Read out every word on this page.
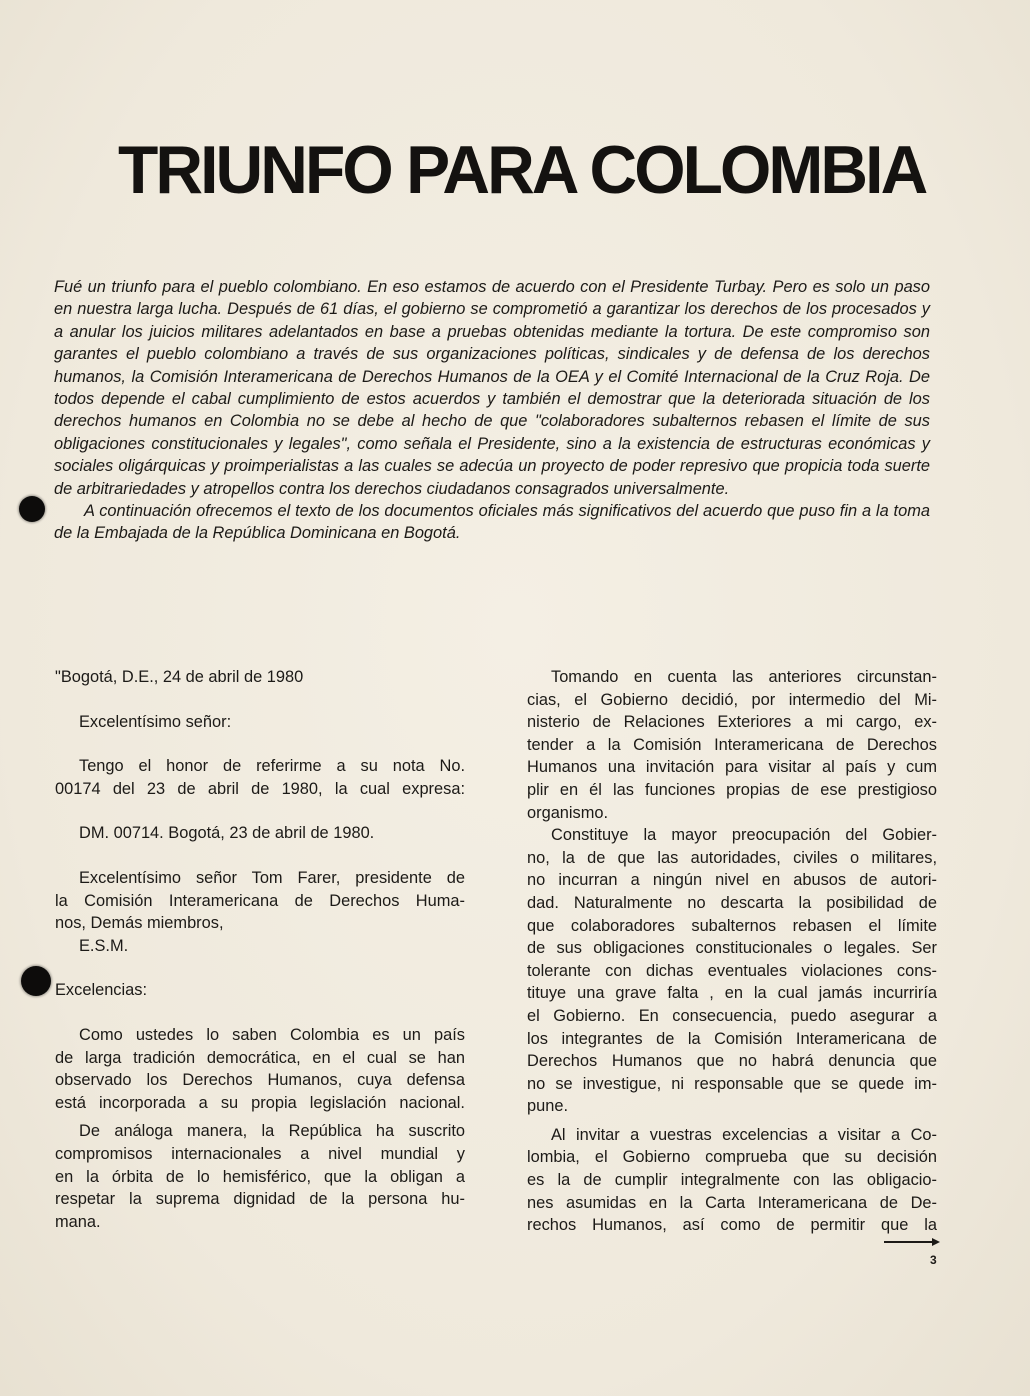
TRIUNFO PARA COLOMBIA

Fué un triunfo para el pueblo colombiano. En eso estamos de acuerdo con el Presidente Turbay. Pero es solo un paso en nuestra larga lucha. Después de 61 días, el gobierno se comprometió a garantizar los derechos de los procesados y a anular los juicios militares adelantados en base a pruebas obtenidas mediante la tortura. De este compromiso son garantes el pueblo colombiano a través de sus organizaciones políticas, sindicales y de defensa de los derechos humanos, la Comisión Interamericana de Derechos Humanos de la OEA y el Comité Internacional de la Cruz Roja. De todos depende el cabal cumplimiento de estos acuerdos y también el demostrar que la deteriorada situación de los derechos humanos en Colombia no se debe al hecho de que "colaboradores subalternos rebasen el límite de sus obligaciones constitucionales y legales", como señala el Presidente, sino a la existencia de estructuras económicas y sociales oligárquicas y proimperialistas a las cuales se adecúa un proyecto de poder represivo que propicia toda suerte de arbitrariedades y atropellos contra los derechos ciudadanos consagrados universalmente.

A continuación ofrecemos el texto de los documentos oficiales más significativos del acuerdo que puso fin a la toma de la Embajada de la República Dominicana en Bogotá.

"Bogotá, D.E., 24 de abril de 1980
Excelentísimo señor:
Tengo el honor de referirme a su nota No.
00174 del 23 de abril de 1980, la cual expresa:
DM. 00714. Bogotá, 23 de abril de 1980.
Excelentísimo señor Tom Farer, presidente de
la Comisión Interamericana de Derechos Huma-
nos, Demás miembros,
E.S.M.
Excelencias:
Como ustedes lo saben Colombia es un país
de larga tradición democrática, en el cual se han
observado los Derechos Humanos, cuya defensa
está incorporada a su propia legislación nacional.
De análoga manera, la República ha suscrito
compromisos internacionales a nivel mundial y
en la órbita de lo hemisférico, que la obligan a
respetar la suprema dignidad de la persona hu-
mana.
Tomando en cuenta las anteriores circunstan-
cias, el Gobierno decidió, por intermedio del Mi-
nisterio de Relaciones Exteriores a mi cargo, ex-
tender a la Comisión Interamericana de Derechos
Humanos una invitación para visitar al país y cum
plir en él las funciones propias de ese prestigioso
organismo.
Constituye la mayor preocupación del Gobier-
no, la de que las autoridades, civiles o militares,
no incurran a ningún nivel en abusos de autori-
dad. Naturalmente no descarta la posibilidad de
que colaboradores subalternos rebasen el límite
de sus obligaciones constitucionales o legales. Ser
tolerante con dichas eventuales violaciones cons-
tituye una grave falta , en la cual jamás incurriría
el Gobierno. En consecuencia, puedo asegurar a
los integrantes de la Comisión Interamericana de
Derechos Humanos que no habrá denuncia que
no se investigue, ni responsable que se quede im-
pune.
Al invitar a vuestras excelencias a visitar a Co-
lombia, el Gobierno comprueba que su decisión
es la de cumplir integralmente con las obligacio-
nes asumidas en la Carta Interamericana de De-
rechos Humanos, así como de permitir que la
3
